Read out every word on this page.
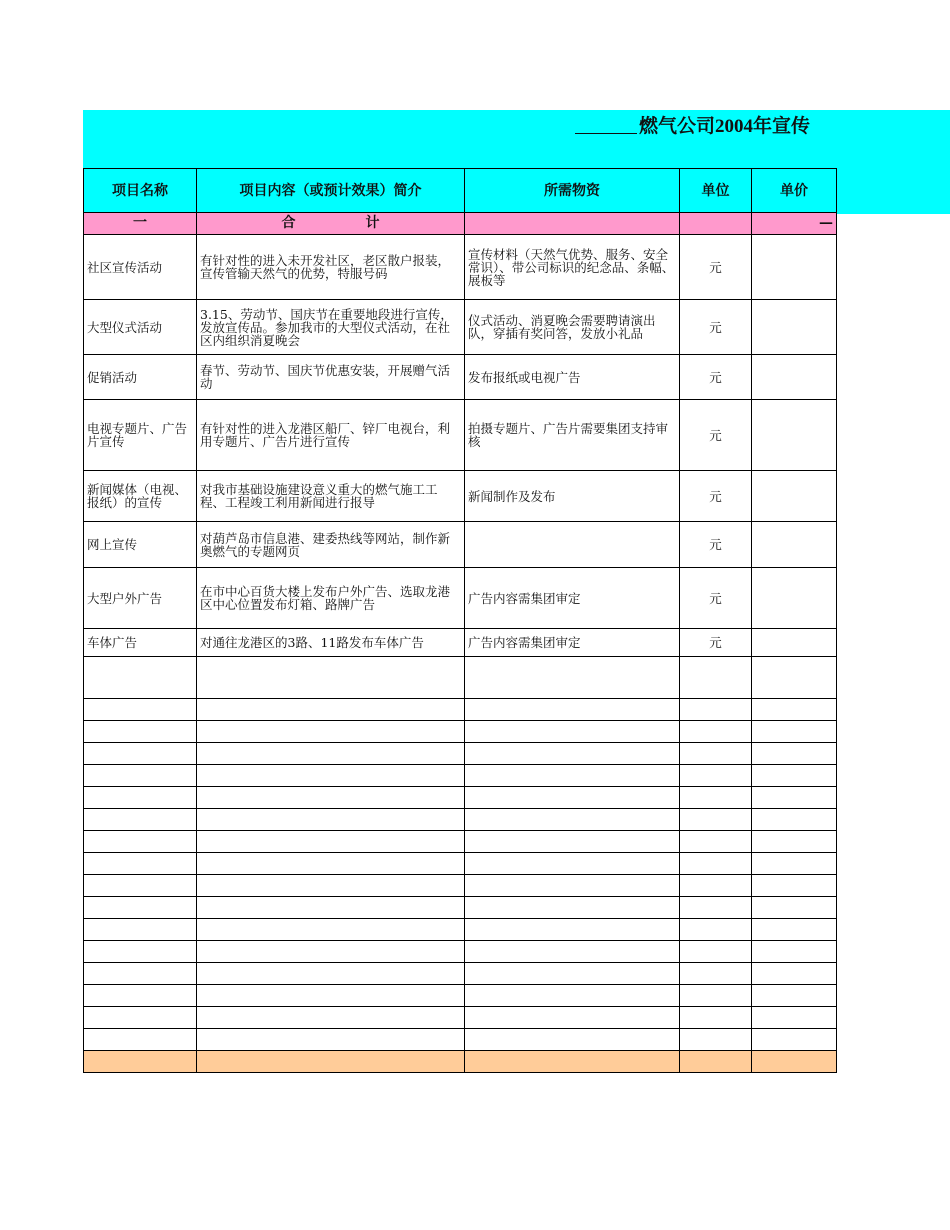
燃气公司2004年宣传
项目名称	项目内容（或预计效果）简介	所需物资	单位	单价
一	合　　　　　计			—
社区宣传活动	有针对性的进入未开发社区，老区散户报装，宣传管输天然气的优势，特服号码	宣传材料（天然气优势、服务、安全常识）、带公司标识的纪念品、条幅、展板等	元	
大型仪式活动	3.15、劳动节、国庆节在重要地段进行宣传，发放宣传品。参加我市的大型仪式活动，在社区内组织消夏晚会	仪式活动、消夏晚会需要聘请演出队，穿插有奖问答，发放小礼品	元	
促销活动	春节、劳动节、国庆节优惠安装，开展赠气活动	发布报纸或电视广告	元	
电视专题片、广告片宣传	有针对性的进入龙港区船厂、锌厂电视台，利用专题片、广告片进行宣传	拍摄专题片、广告片需要集团支持审核	元	
新闻媒体（电视、报纸）的宣传	对我市基础设施建设意义重大的燃气施工工程、工程竣工利用新闻进行报导	新闻制作及发布	元	
网上宣传	对葫芦岛市信息港、建委热线等网站，制作新奥燃气的专题网页		元	
大型户外广告	在市中心百货大楼上发布户外广告、选取龙港区中心位置发布灯箱、路牌广告	广告内容需集团审定	元	
车体广告	对通往龙港区的3路、11路发布车体广告	广告内容需集团审定	元	
